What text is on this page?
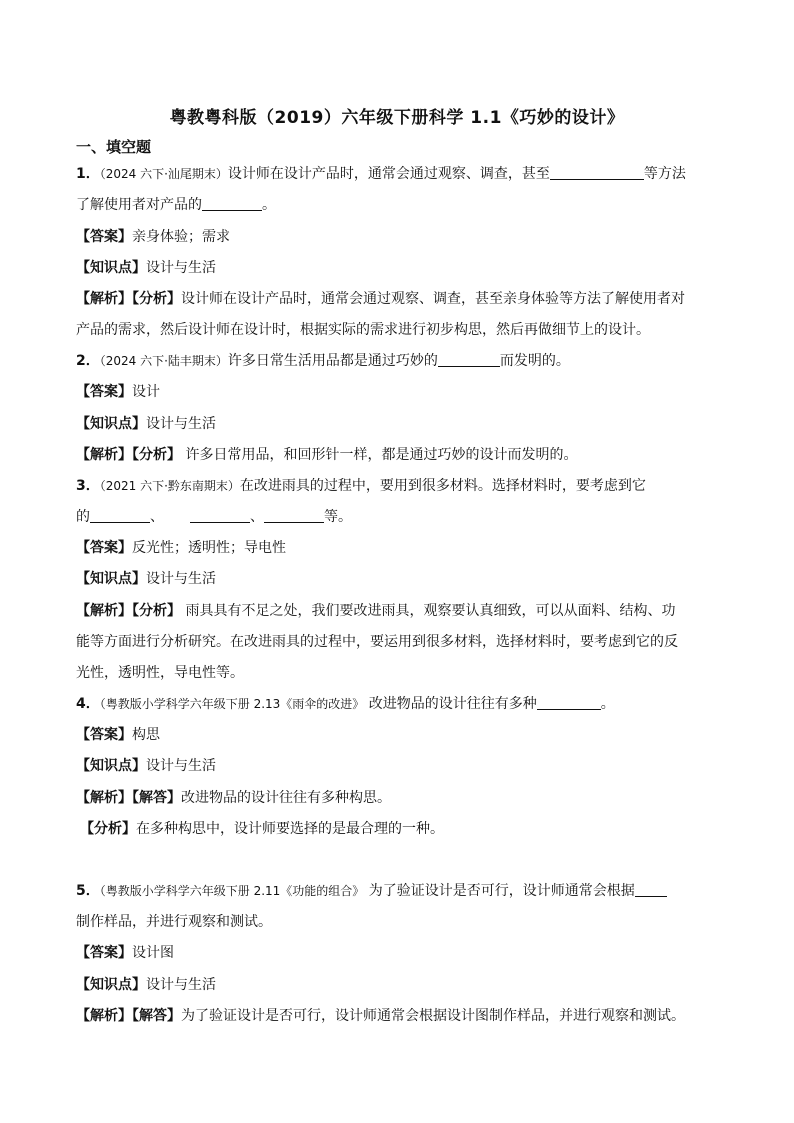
粤教粤科版（2019）六年级下册科学 1.1《巧妙的设计》
一、填空题
1．（2024 六下·汕尾期末）设计师在设计产品时，通常会通过观察、调查，甚至	等方法
了解使用者对产品的	。
【答案】亲身体验；需求
【知识点】设计与生活
【解析】【分析】设计师在设计产品时，通常会通过观察、调查，甚至亲身体验等方法了解使用者对
产品的需求，然后设计师在设计时，根据实际的需求进行初步构思，然后再做细节上的设计。
2．（2024 六下·陆丰期末）许多日常生活用品都是通过巧妙的	而发明的。
【答案】设计
【知识点】设计与生活
【解析】【分析】 许多日常用品，和回形针一样，都是通过巧妙的设计而发明的。
3．（2021 六下·黔东南期末）在改进雨具的过程中，要用到很多材料。选择材料时，要考虑到它
的	、	、	等。
【答案】反光性；透明性；导电性
【知识点】设计与生活
【解析】【分析】 雨具具有不足之处，我们要改进雨具，观察要认真细致，可以从面料、结构、功
能等方面进行分析研究。在改进雨具的过程中，要运用到很多材料，选择材料时，要考虑到它的反
光性，透明性，导电性等。
4．（粤教版小学科学六年级下册 2.13《雨伞的改进》 改进物品的设计往往有多种	。
【答案】构思
【知识点】设计与生活
【解析】【解答】改进物品的设计往往有多种构思。
【分析】在多种构思中，设计师要选择的是最合理的一种。
5．（粤教版小学科学六年级下册 2.11《功能的组合》 为了验证设计是否可行，设计师通常会根据
制作样品，并进行观察和测试。
【答案】设计图
【知识点】设计与生活
【解析】【解答】为了验证设计是否可行，设计师通常会根据设计图制作样品，并进行观察和测试。
